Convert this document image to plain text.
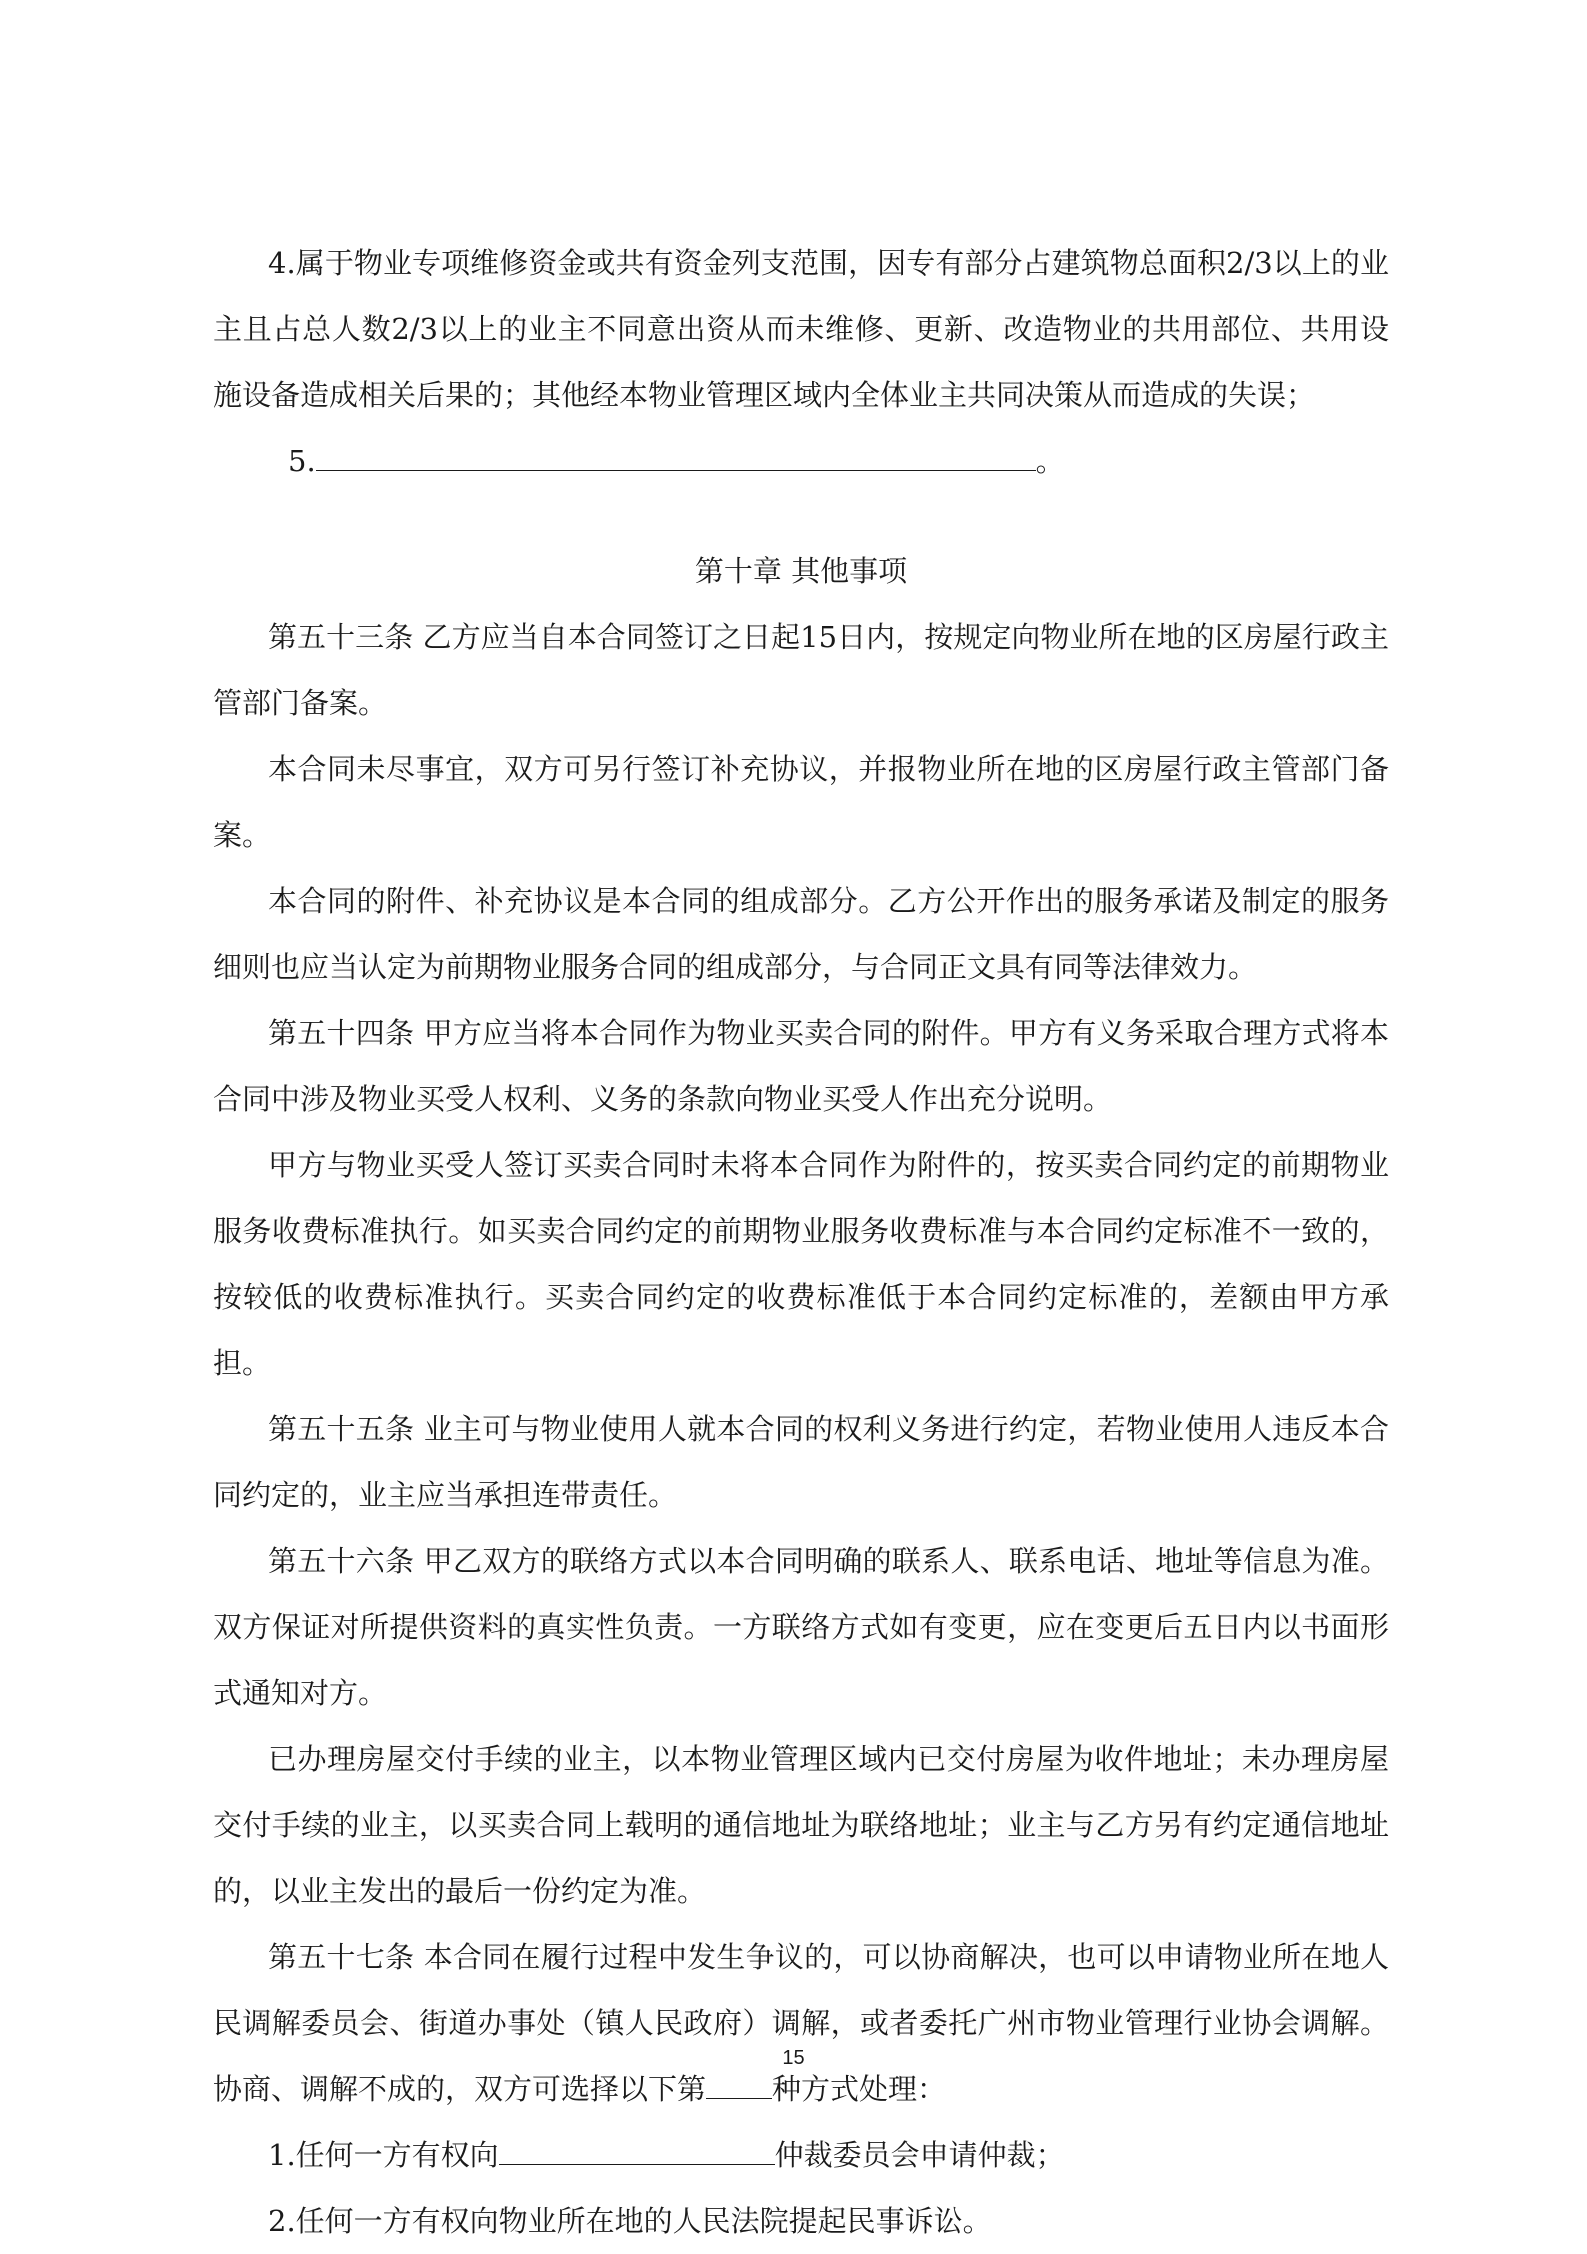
4.属于物业专项维修资金或共有资金列支范围，因专有部分占建筑物总面积2/3以上的业主且占总人数2/3以上的业主不同意出资从而未维修、更新、改造物业的共用部位、共用设施设备造成相关后果的；其他经本物业管理区域内全体业主共同决策从而造成的失误；

5.	。

第十章 其他事项

第五十三条 乙方应当自本合同签订之日起15日内，按规定向物业所在地的区房屋行政主管部门备案。

本合同未尽事宜，双方可另行签订补充协议，并报物业所在地的区房屋行政主管部门备案。

本合同的附件、补充协议是本合同的组成部分。乙方公开作出的服务承诺及制定的服务细则也应当认定为前期物业服务合同的组成部分，与合同正文具有同等法律效力。

第五十四条 甲方应当将本合同作为物业买卖合同的附件。甲方有义务采取合理方式将本合同中涉及物业买受人权利、义务的条款向物业买受人作出充分说明。

甲方与物业买受人签订买卖合同时未将本合同作为附件的，按买卖合同约定的前期物业服务收费标准执行。如买卖合同约定的前期物业服务收费标准与本合同约定标准不一致的，按较低的收费标准执行。买卖合同约定的收费标准低于本合同约定标准的，差额由甲方承担。

第五十五条 业主可与物业使用人就本合同的权利义务进行约定，若物业使用人违反本合同约定的，业主应当承担连带责任。

第五十六条 甲乙双方的联络方式以本合同明确的联系人、联系电话、地址等信息为准。双方保证对所提供资料的真实性负责。一方联络方式如有变更，应在变更后五日内以书面形式通知对方。

已办理房屋交付手续的业主，以本物业管理区域内已交付房屋为收件地址；未办理房屋交付手续的业主，以买卖合同上载明的通信地址为联络地址；业主与乙方另有约定通信地址的，以业主发出的最后一份约定为准。

第五十七条 本合同在履行过程中发生争议的，可以协商解决，也可以申请物业所在地人民调解委员会、街道办事处（镇人民政府）调解，或者委托广州市物业管理行业协会调解。协商、调解不成的，双方可选择以下第 种方式处理：

1.任何一方有权向	仲裁委员会申请仲裁；

2.任何一方有权向物业所在地的人民法院提起民事诉讼。

15
